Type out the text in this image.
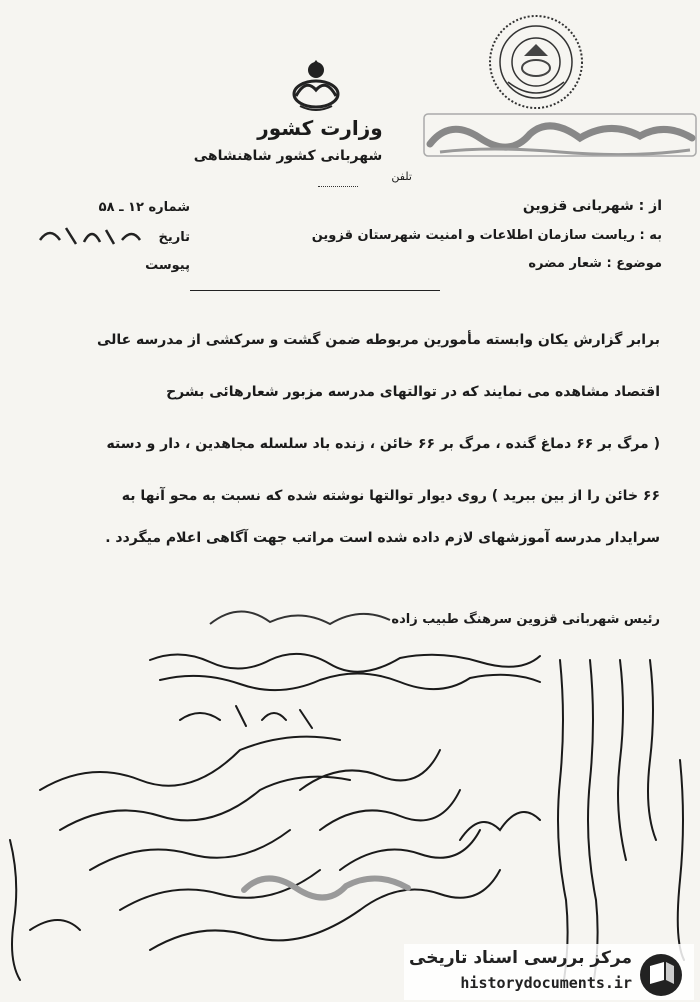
وزارت کشور
شهربانی کشور شاهنشاهی
تلفن
شماره ۱۲ ـ ۵۸
تاریخ
پیوست
از : شهربانی قزوین
به : ریاست سازمان اطلاعات و امنیت شهرستان قزوین
موضوع : شعار مضره
برابر گزارش یکان وابسته مأمورین مربوطه ضمن گشت و سرکشی از مدرسه عالی
اقتصاد مشاهده می نمایند که در توالتهای مدرسه مزبور شعارهائی بشرح
( مرگ بر ۶۶ دماغ گنده ، مرگ بر ۶۶ خائن ، زنده باد سلسله مجاهدین ، دار و دسته
۶۶ خائن را از بین ببرید ) روی دیوار توالتها نوشته شده که نسبت به محو آنها به
سرایدار مدرسه آموزشهای لازم داده شده است مراتب جهت آگاهی اعلام میگردد .
رئیس شهربانی قزوین سرهنگ طبیب زاده
مرکز بررسی اسناد تاریخی
historydocuments.ir
